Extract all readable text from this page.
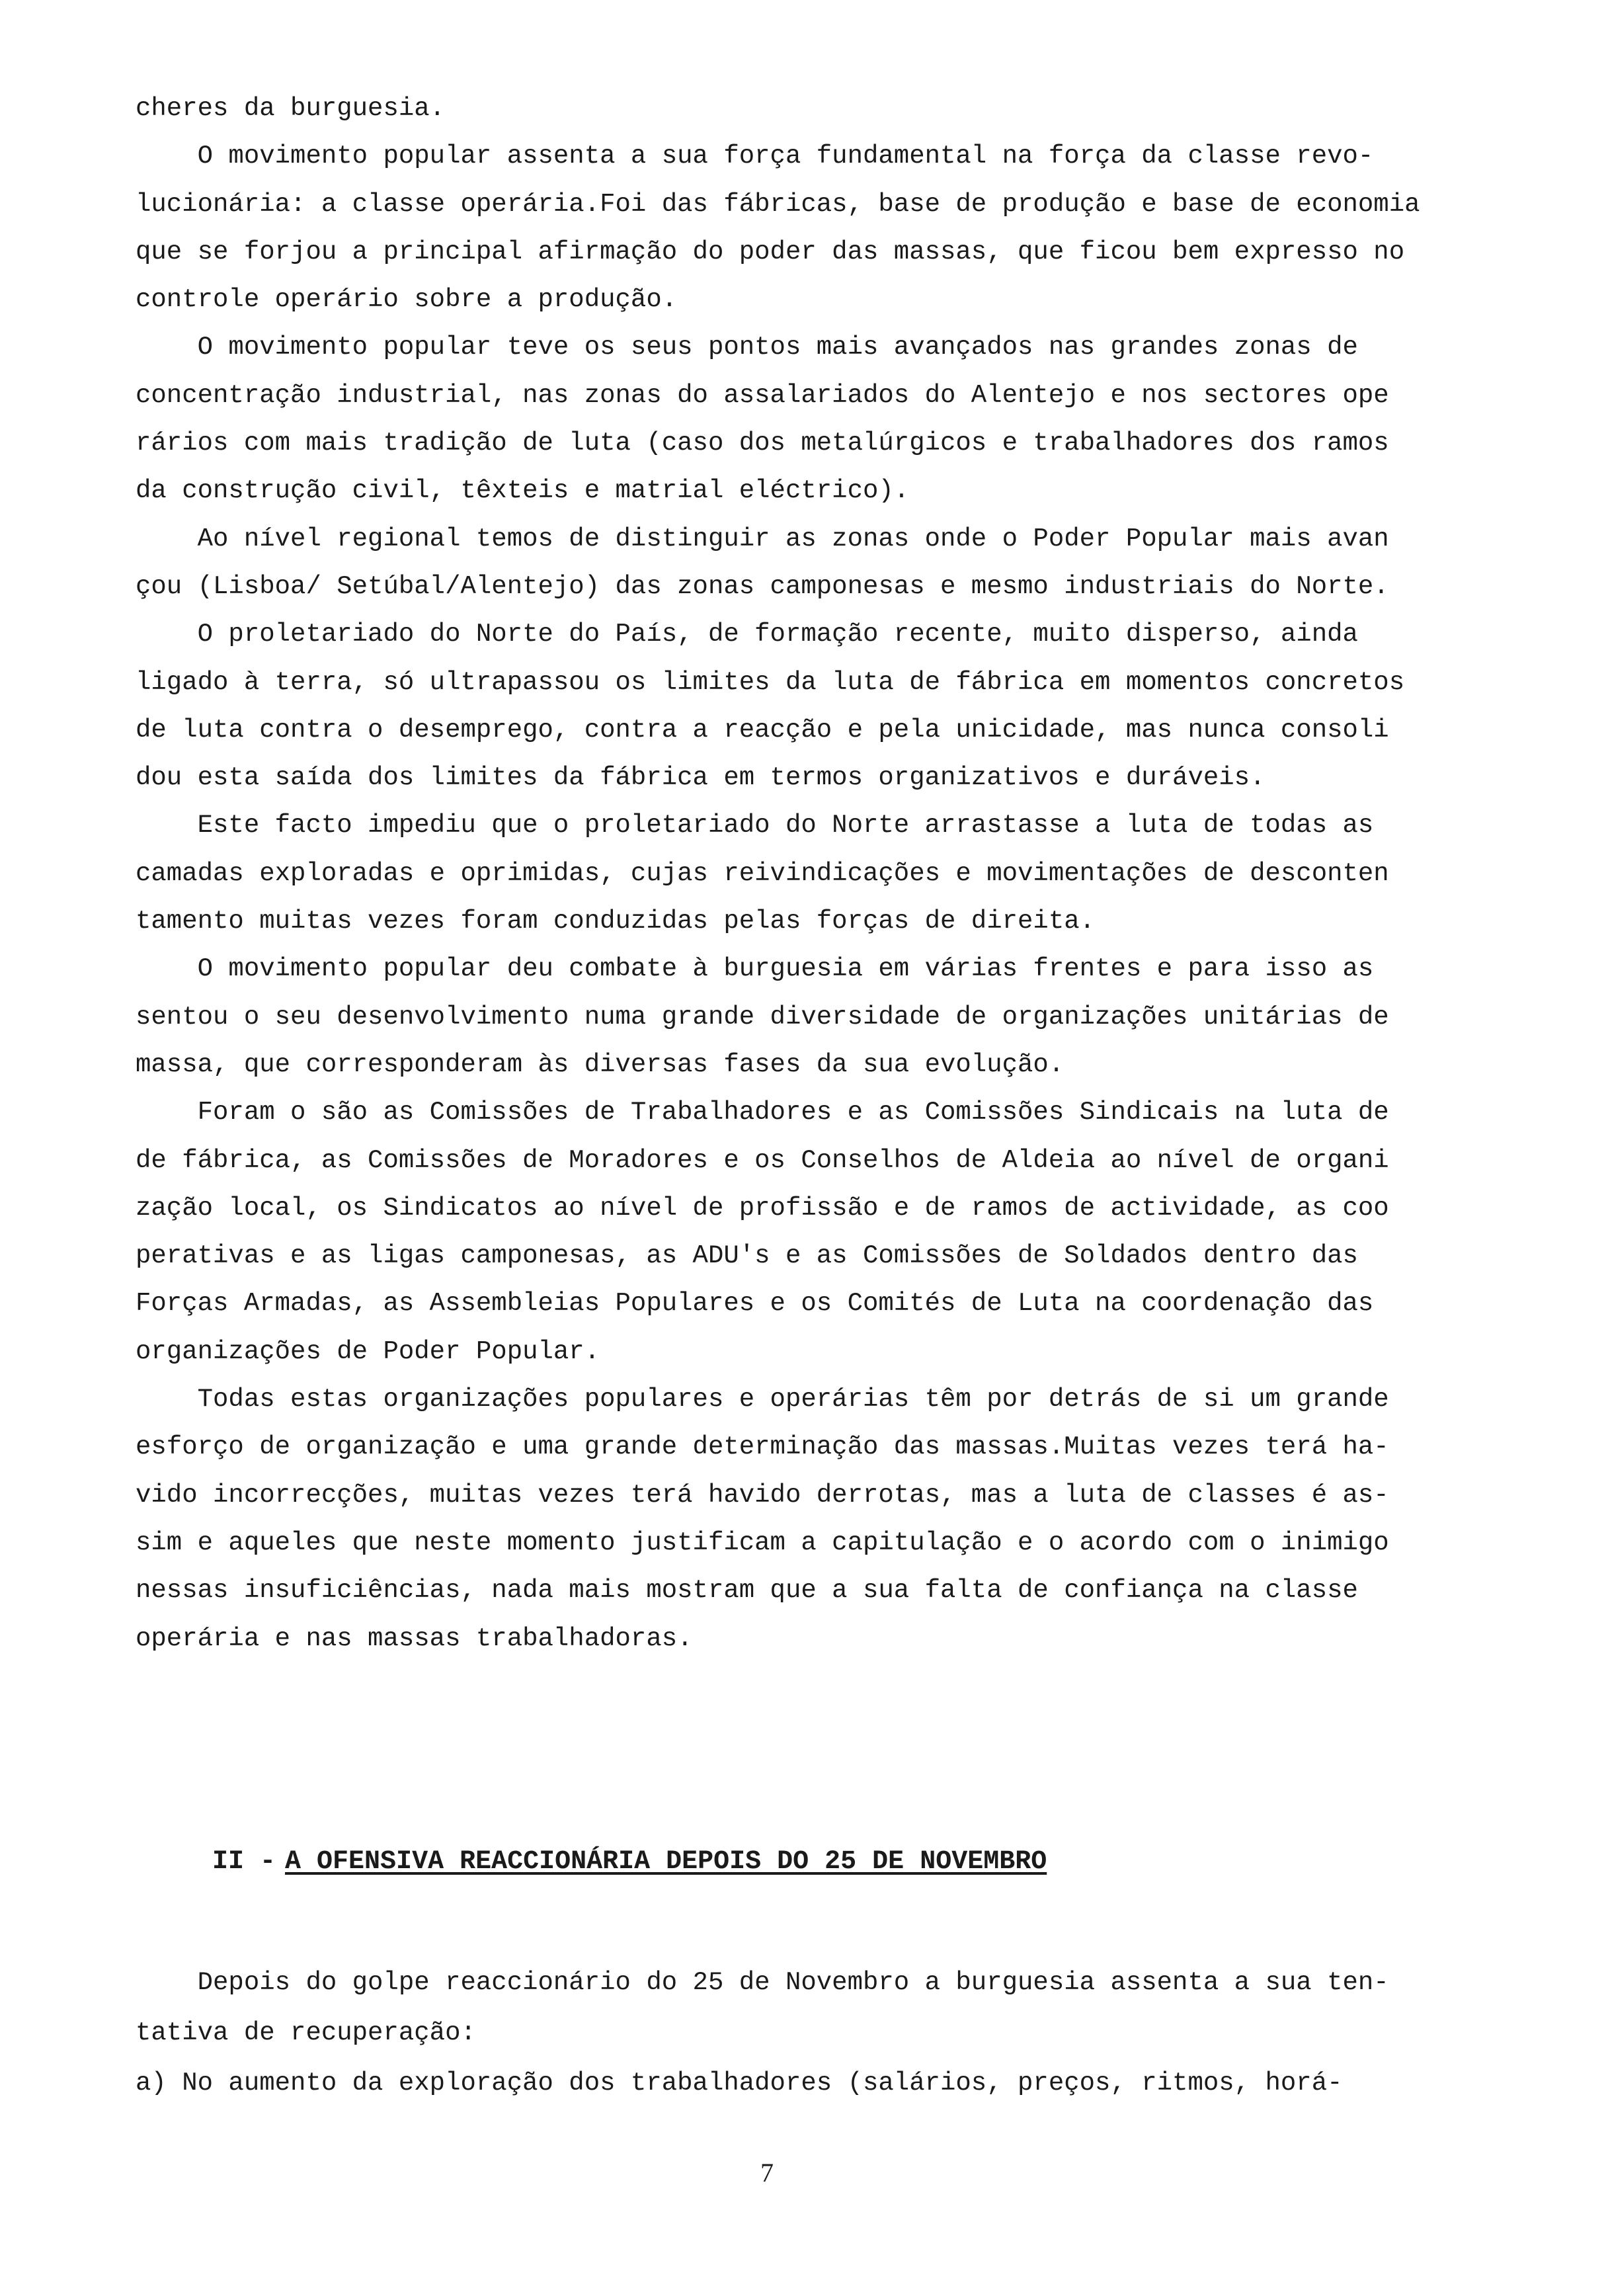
cheres da burguesia.
O movimento popular assenta a sua força fundamental na força da classe revo-
lucionária: a classe operária.Foi das fábricas, base de produção e base de economia
que se forjou a principal afirmação do poder das massas, que ficou bem expresso no
controle operário sobre a produção.
O movimento popular teve os seus pontos mais avançados nas grandes zonas de
concentração industrial, nas zonas do assalariados do Alentejo e nos sectores ope
rários com mais tradição de luta (caso dos metalúrgicos e trabalhadores dos ramos
da construção civil, têxteis e matrial eléctrico).
Ao nível regional temos de distinguir as zonas onde o Poder Popular mais avan
çou (Lisboa/ Setúbal/Alentejo) das zonas camponesas e mesmo industriais do Norte.
O proletariado do Norte do País, de formação recente, muito disperso, ainda
ligado à terra, só ultrapassou os limites da luta de fábrica em momentos concretos
de luta contra o desemprego, contra a reacção e pela unicidade, mas nunca consoli
dou esta saída dos limites da fábrica em termos organizativos e duráveis.
Este facto impediu que o proletariado do Norte arrastasse a luta de todas as
camadas exploradas e oprimidas, cujas reivindicações e movimentações de desconten
tamento muitas vezes foram conduzidas pelas forças de direita.
O movimento popular deu combate à burguesia em várias frentes e para isso as
sentou o seu desenvolvimento numa grande diversidade de organizações unitárias de
massa, que corresponderam às diversas fases da sua evolução.
Foram o são as Comissões de Trabalhadores e as Comissões Sindicais na luta de
de fábrica, as Comissões de Moradores e os Conselhos de Aldeia ao nível de organi
zação local, os Sindicatos ao nível de profissão e de ramos de actividade, as coo
perativas e as ligas camponesas, as ADU's e as Comissões de Soldados dentro das
Forças Armadas, as Assembleias Populares e os Comités de Luta na coordenação das
organizações de Poder Popular.
Todas estas organizações populares e operárias têm por detrás de si um grande
esforço de organização e uma grande determinação das massas.Muitas vezes terá ha-
vido incorrecções, muitas vezes terá havido derrotas, mas a luta de classes é as-
sim e aqueles que neste momento justificam a capitulação e o acordo com o inimigo
nessas insuficiências, nada mais mostram que a sua falta de confiança na classe
operária e nas massas trabalhadoras.

II - A OFENSIVA REACCIONÁRIA DEPOIS DO 25 DE NOVEMBRO

Depois do golpe reaccionário do 25 de Novembro a burguesia assenta a sua ten-
tativa de recuperação:
a) No aumento da exploração dos trabalhadores (salários, preços, ritmos, horá-
7
